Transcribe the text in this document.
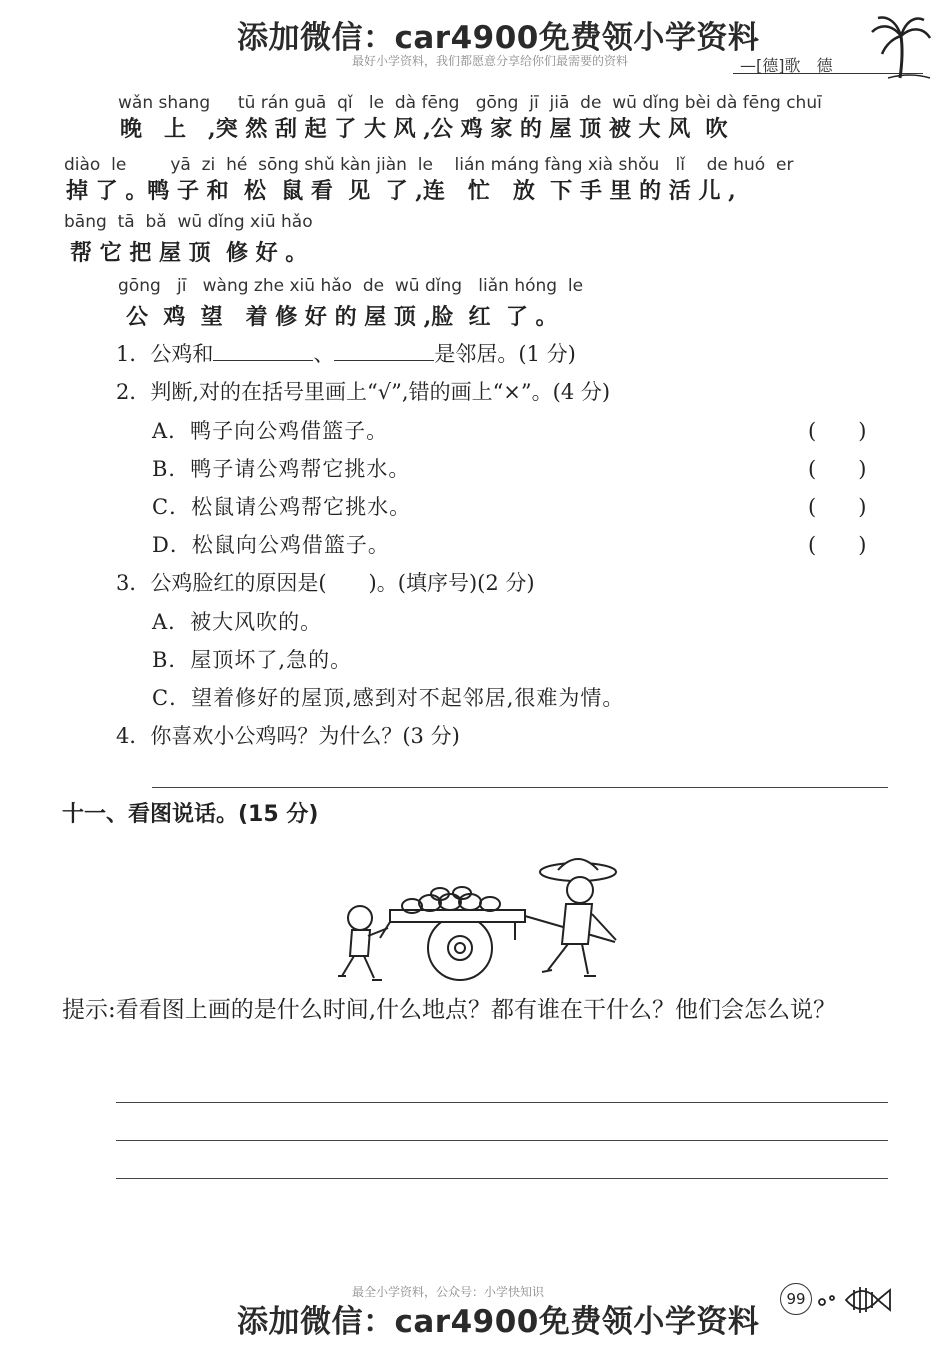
添加微信：car4900免费领小学资料
最好小学资料，我们都愿意分享给你们最需要的资料	—[德]歌　德
wǎn shang  　tū rán guā  qǐ   le  dà fēng   gōng  jī  jiā  de  wū dǐng bèi dà fēng chuī
晚　上　,突 然 刮 起 了 大 风 ,公 鸡 家 的 屋 顶 被 大 风  吹
diào  le     　yā  zi  hé  sōng shǔ kàn jiàn  le    lián máng fàng xià shǒu   lǐ    de huó  er
掉 了 。鸭 子 和  松  鼠 看  见  了 ,连   忙   放  下 手 里 的 活 儿 ,
bāng  tā  bǎ  wū dǐng xiū hǎo
帮 它 把 屋 顶  修 好 。
gōng   jī   wàng zhe xiū hǎo  de  wū dǐng   liǎn hóng  le
公  鸡  望   着 修 好 的 屋 顶 ,脸  红  了 。
1．公鸡和	、	是邻居。(1 分)
2．判断,对的在括号里画上“√”,错的画上“×”。(4 分)
A．鸭子向公鸡借篮子。	(　　)
B．鸭子请公鸡帮它挑水。	(　　)
C．松鼠请公鸡帮它挑水。	(　　)
D．松鼠向公鸡借篮子。	(　　)
3．公鸡脸红的原因是(　　)。(填序号)(2 分)
A．被大风吹的。
B．屋顶坏了,急的。
C．望着修好的屋顶,感到对不起邻居,很难为情。
4．你喜欢小公鸡吗？为什么？(3 分)
十一、看图说话。(15 分)
提示:看看图上画的是什么时间,什么地点？都有谁在干什么？他们会怎么说？
最全小学资料，公众号：小学快知识
添加微信：car4900免费领小学资料
99
